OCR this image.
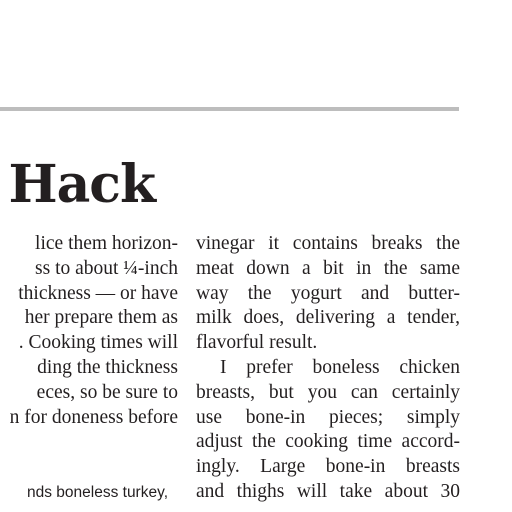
Hack
lice them horizon-
ss to about ¼-inch
thickness — or have
her prepare them as
. Cooking times will
ding the thickness
eces, so be sure to
n for doneness before
vinegar it contains breaks the
meat down a bit in the same
way the yogurt and butter-
milk does, delivering a tender,
flavorful result.
I prefer boneless chicken
breasts, but you can certainly
use bone-in pieces; simply
adjust the cooking time accord-
ingly. Large bone-in breasts
and thighs will take about 30
nds boneless turkey,
